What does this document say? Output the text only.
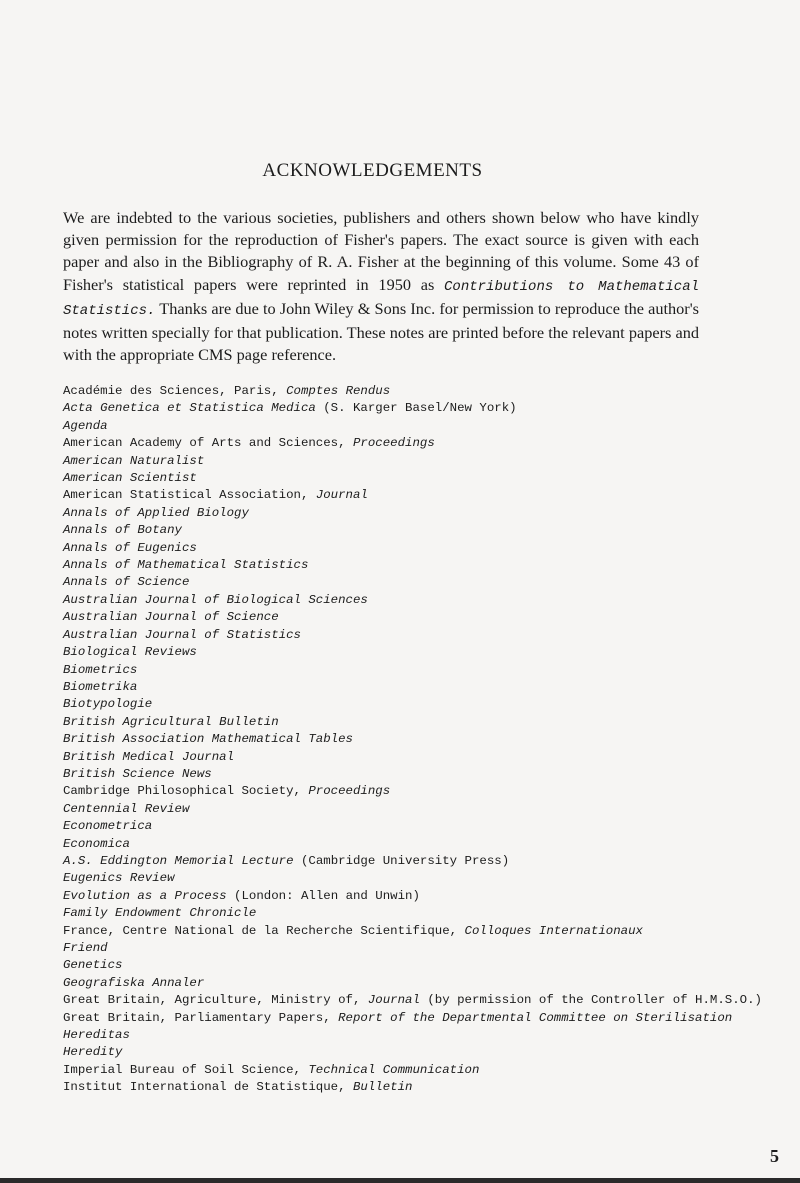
ACKNOWLEDGEMENTS

We are indebted to the various societies, publishers and others shown below who have kindly given permission for the reproduction of Fisher's papers. The exact source is given with each paper and also in the Bibliography of R. A. Fisher at the beginning of this volume. Some 43 of Fisher's statistical papers were reprinted in 1950 as Contributions to Mathematical Statistics. Thanks are due to John Wiley & Sons Inc. for permission to reproduce the author's notes written specially for that publication. These notes are printed before the relevant papers and with the appropriate CMS page reference.

Académie des Sciences, Paris, Comptes Rendus
Acta Genetica et Statistica Medica (S. Karger Basel/New York)
Agenda
American Academy of Arts and Sciences, Proceedings
American Naturalist
American Scientist
American Statistical Association, Journal
Annals of Applied Biology
Annals of Botany
Annals of Eugenics
Annals of Mathematical Statistics
Annals of Science
Australian Journal of Biological Sciences
Australian Journal of Science
Australian Journal of Statistics
Biological Reviews
Biometrics
Biometrika
Biotypologie
British Agricultural Bulletin
British Association Mathematical Tables
British Medical Journal
British Science News
Cambridge Philosophical Society, Proceedings
Centennial Review
Econometrica
Economica
A.S. Eddington Memorial Lecture (Cambridge University Press)
Eugenics Review
Evolution as a Process (London: Allen and Unwin)
Family Endowment Chronicle
France, Centre National de la Recherche Scientifique, Colloques Internationaux
Friend
Genetics
Geografiska Annaler
Great Britain, Agriculture, Ministry of, Journal (by permission of the Controller of H.M.S.O.)
Great Britain, Parliamentary Papers, Report of the Departmental Committee on Sterilisation
Hereditas
Heredity
Imperial Bureau of Soil Science, Technical Communication
Institut International de Statistique, Bulletin
5
